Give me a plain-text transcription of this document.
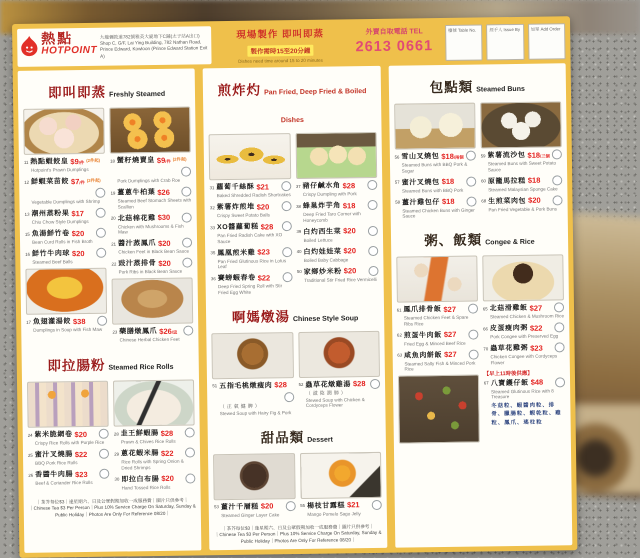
熱點
HOTPOINT
九龍彌敦道782號雅英大廈地下C鋪(太子站A出口)
Shop C, G/F, Lai Ying Building, 782 Nathan Road, Prince Edward, Kowloon (Prince Edward Station Exit A)
現場製作 即叫即蒸
製作需時15至20分鐘
Dishes need time around 15 to 20 minutes
外賣自取電話 TEL
2613 0661
檯號 Table No.	經手人 Issue By	加單 Add Order
即叫即蒸 Freshly Steamed
11 熱點蝦餃皇 $9/件 (2件起)
Hotpoint's Prawn Dumplings
12 鮮蝦菜苗餃 $7/件 (2件起)
Vegetable Dumplings with Shrimp
13 潮州蒸粉果 $17
Chiu Chow Style Dumplings
15 魚湯鮮竹卷 $20
Bean Curd Rolls in Fish Broth
16 鮮竹牛肉球 $20
Steamed Beef Balls
17 魚翅灌湯餃 $38
Dumplings in Soup with Fish Maw
18 蟹籽燒賣皇 $9/件 (2件起)
Pork Dumplings with Crab Roe
19 薑蔥牛柏葉 $26
Steamed Beef Stomach Sheets with Scallion
20 北菇棉花雞 $30
Chicken with Mushrooms & Fish Maw
21 醬汁蒸鳳爪 $20
Chicken Feet in Black Bean Sauce
22 豉汁蒸排骨 $20
Pork Ribs in Black Bean Sauce
23 藥膳燉鳳爪 $26/盅
Chinese Herbal Chicken Feet
即拉腸粉 Steamed Rice Rolls
24 紫米脆網卷 $20
Crispy Rice Rolls with Purple Rice
25 蜜汁叉燒腸 $22
BBQ Pork Rice Rolls
26 香醬牛肉腸 $23
Beef & Coriander Rice Rolls
28 韭王鮮蝦腸 $28
Prawn & Chives Rice Rolls
29 蔥花蝦米腸 $22
Rice Rolls with Spring Onion & Dried Shrimps
30 即拉白布腸 $20
Hand Tossed Rice Rolls
｜茶芥每位$3｜逢星期六、日及公眾假期加收一成服務費｜圖片只供參考｜
｜Chinese Tea $3 Per Person｜Plus 10% Service Charge On Saturday, Sunday & Public Holiday｜Photos Are Only For Reference 08/20｜
煎炸灼 Pan Fried, Deep Fried & Boiled Dishes
31 蘿蔔千絲酥 $21
Baked Shredded Radish Shortcakes
32 紫薯炸煎堆 $20
Crispy Sweet Potato Balls
33 XO醬蘿蔔糕 $28
Pan Fried Radish Cake with XO Sauce
35 鳳凰煎米雞 $23
Pan Fried Glutinous Rice in Lotus Leaf
36 賽螃蝦春卷 $22
Deep Fried Spring Roll with Stir Fried Egg White
37 豬仔鹹水角 $28
Crispy Dumpling with Pork
38 蜂巢炸芋角 $18
Deep Fried Taro Corner with Honeycomb
39 白灼西生菜 $20
Boiled Lettuce
40 白灼娃娃菜 $20
Boiled Baby Cabbage
50 家鄉炒米粉 $20
Traditional Stir Fried Rice Vermicelli
啊媽燉湯 Chinese Style Soup
51 五指毛桃燉瘦肉 $28
（正氣健脾）
Stewed Soup with Hairy Fig & Pork
52 蟲草花燉雞湯 $28
（滋陰潤肺）
Stewed Soup with Chicken & Cordyceps Flower
甜品類 Dessert
53 薑汁千層糕 $20
Steamed Ginger Layer Cake
55 楊枝甘露糕 $21
Mango Pomelo Sago Jelly
｜茶芥每位$3｜逢星期六、日及公眾假期加收一成服務費｜圖片只供參考｜
｜Chinese Tea $3 Per Person｜Plus 10% Service Charge On Saturday, Sunday & Public Holiday｜Photos Are Only For Reference 08/20｜
包點類 Steamed Buns
56 雪山叉燒包 $18/兩個
Steamed Buns with BBQ Pork & Sugar
57 蜜汁叉燒包 $18
Steamed Buns with BBQ Pork
58 薑汁雞包仔 $18
Steamed Chicken Buns with Ginger Sauce
59 紫薯流沙包 $18/三個
Steamed Buns with Sweet Potato Sauce
60 原籠馬拉糕 $18
Steamed Malaysian Sponge Cake
68 生煎菜肉包 $20
Pan Fried Vegetable & Pork Buns
粥、飯類 Congee & Rice
61 鳳爪排骨飯 $27
Steamed Chicken Feet & Spare Ribs Rice
62 煎蛋牛肉飯 $27
Fried Egg & Minced Beef Rice
63 咸魚肉餅飯 $27
Steamed Salty Fish & Minced Pork Rice
65 北菇滑雞飯 $27
Steamed Chicken & Mushroom Rice
66 皮蛋瘦肉粥 $22
Pork Congee with Preserved Egg
70 蟲草花雞粥 $23
Chicken Congee with Cordyceps Flower
【早上11時後供應】
67 八寶鑊仔飯 $48
Steamed Glutinous Rice with 8 Treasure
冬菇粒、蝦醬肉粒、排骨、臘腸粒、蝦乾粒、雞粒、鳳爪、瑤柱粒
